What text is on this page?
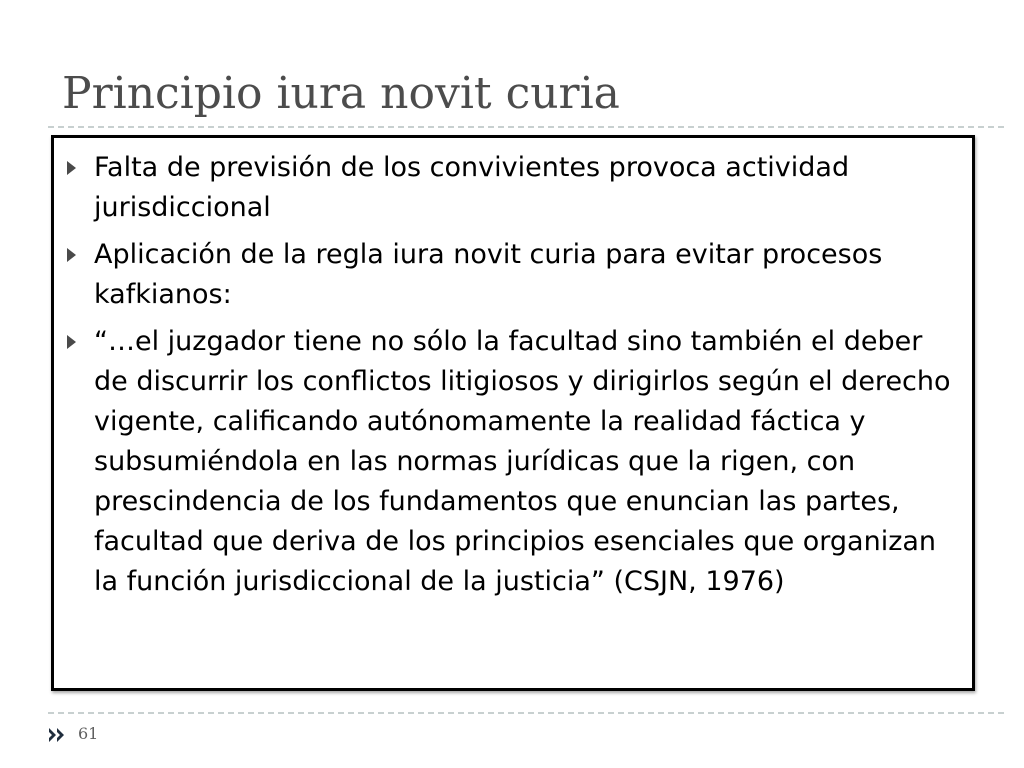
Principio iura novit curia
Falta de previsión de los convivientes provoca actividad jurisdiccional
Aplicación de la regla iura novit curia para evitar procesos kafkianos:
“…el juzgador tiene no sólo la facultad sino también el deber de discurrir los conflictos litigiosos y dirigirlos según el derecho vigente, calificando autónomamente la realidad fáctica y subsumiéndola en las normas jurídicas que la rigen, con prescindencia de los fundamentos que enuncian las partes, facultad que deriva de los principios esenciales que organizan la función jurisdiccional de la justicia” (CSJN, 1976)
61
